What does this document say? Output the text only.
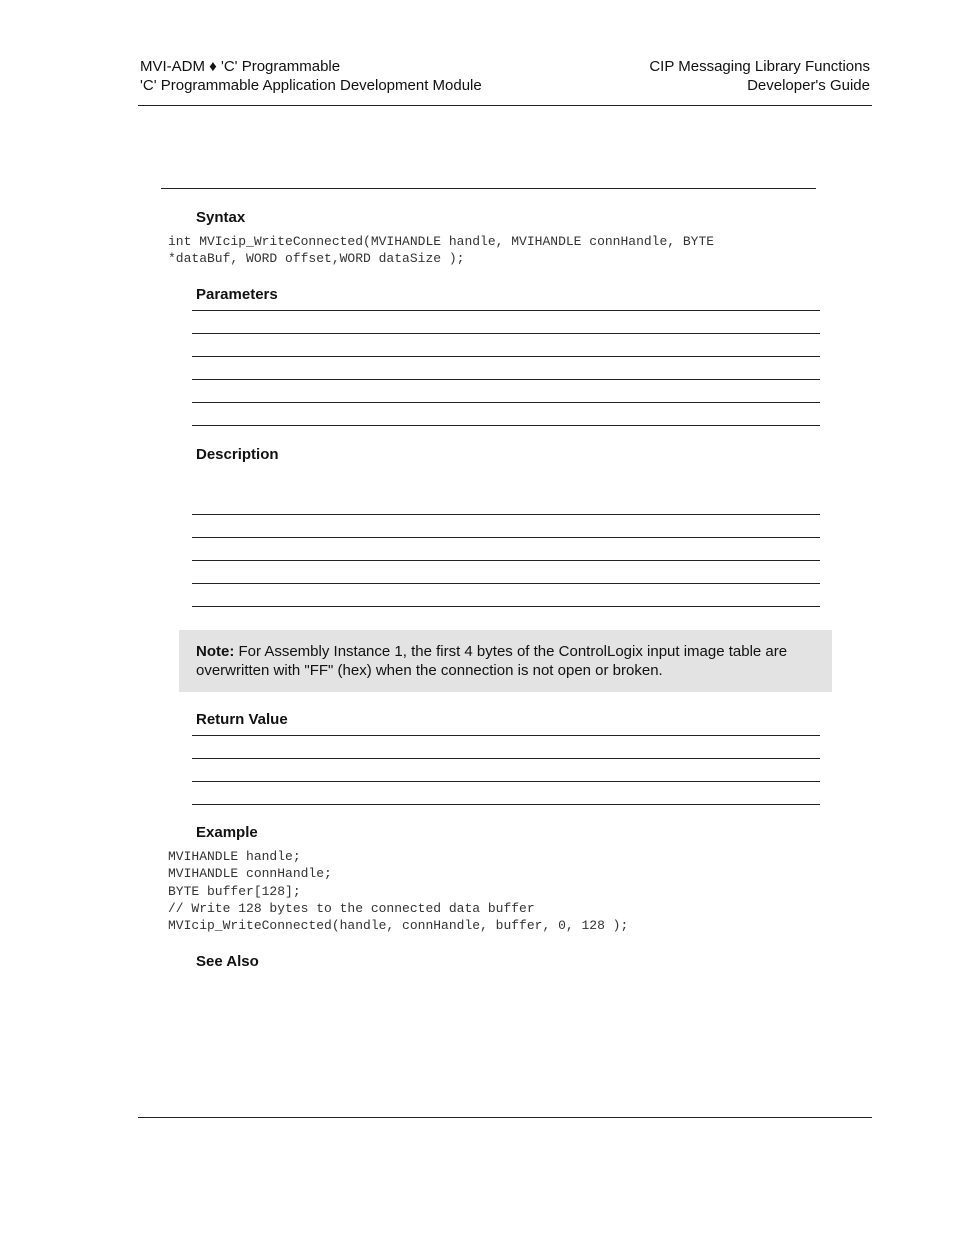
MVI-ADM ♦ 'C' Programmable
'C' Programmable Application Development Module
CIP Messaging Library Functions
Developer's Guide
Syntax
int MVIcip_WriteConnected(MVIHANDLE handle, MVIHANDLE connHandle, BYTE
*dataBuf, WORD offset,WORD dataSize );
Parameters
Description
Note: For Assembly Instance 1, the first 4 bytes of the ControlLogix input image table are overwritten with "FF" (hex) when the connection is not open or broken.
Return Value
Example
MVIHANDLE handle;
MVIHANDLE connHandle;
BYTE buffer[128];
// Write 128 bytes to the connected data buffer
MVIcip_WriteConnected(handle, connHandle, buffer, 0, 128 );
See Also
